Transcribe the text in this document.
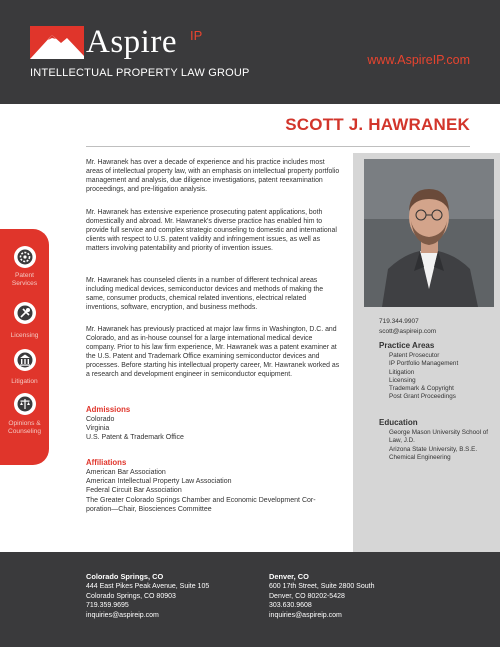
Aspire IP
INTELLECTUAL PROPERTY LAW GROUP
www.AspireIP.com
SCOTT J. HAWRANEK
719.344.9907
scott@aspireip.com
Practice Areas
Patent Prosecutor
IP Portfolio Management
Litigation
Licensing
Trademark & Copyright
Post Grant Proceedings
Education
George Mason University School of Law, J.D.
Arizona State University, B.S.E. Chemical Engineering
Patent
Services
Licensing
Litigation
Opinions &
Counseling
Mr. Hawranek has over a decade of experience and his practice includes most areas of intellectual property law, with an emphasis on intellectual property portfolio management and analysis, due diligence investigations, patent reexamination proceedings, and pre-litigation analysis.
Mr. Hawranek has extensive experience prosecuting patent applications, both domestically and abroad. Mr. Hawranek's diverse practice has enabled him to provide full service and complex strategic counseling to domestic and international clients with respect to U.S. patent validity and infringement issues, as well as matters involving patentability and priority of invention issues.
Mr. Hawranek has counseled clients in a number of different technical areas including medical devices, semiconductor devices and methods of making the same, consumer products, chemical related inventions, electrical related inventions, software, encryption, and business methods.
Mr. Hawranek has previously practiced at major law firms in Washington, D.C. and Colorado, and as in-house counsel for a large international medical device company. Prior to his law firm experience, Mr. Hawranek was a patent examiner at the U.S. Patent and Trademark Office examining semiconductor devices and processes. Before starting his intellectual property career, Mr. Hawranek worked as a research and development engineer in semiconductor equipment.
Admissions
Colorado
Virginia
U.S. Patent & Trademark Office
Affiliations
American Bar Association
American Intellectual Property Law Association
Federal Circuit Bar Association
The Greater Colorado Springs Chamber and Economic Development Cor-
poration—Chair, Biosciences Committee
Colorado Springs, CO
444 East Pikes Peak Avenue, Suite 105
Colorado Springs, CO 80903
719.359.9695
inquiries@aspireip.com
Denver, CO
600 17th Street, Suite 2800 South
Denver, CO 80202-5428
303.630.9608
inquiries@aspireip.com
